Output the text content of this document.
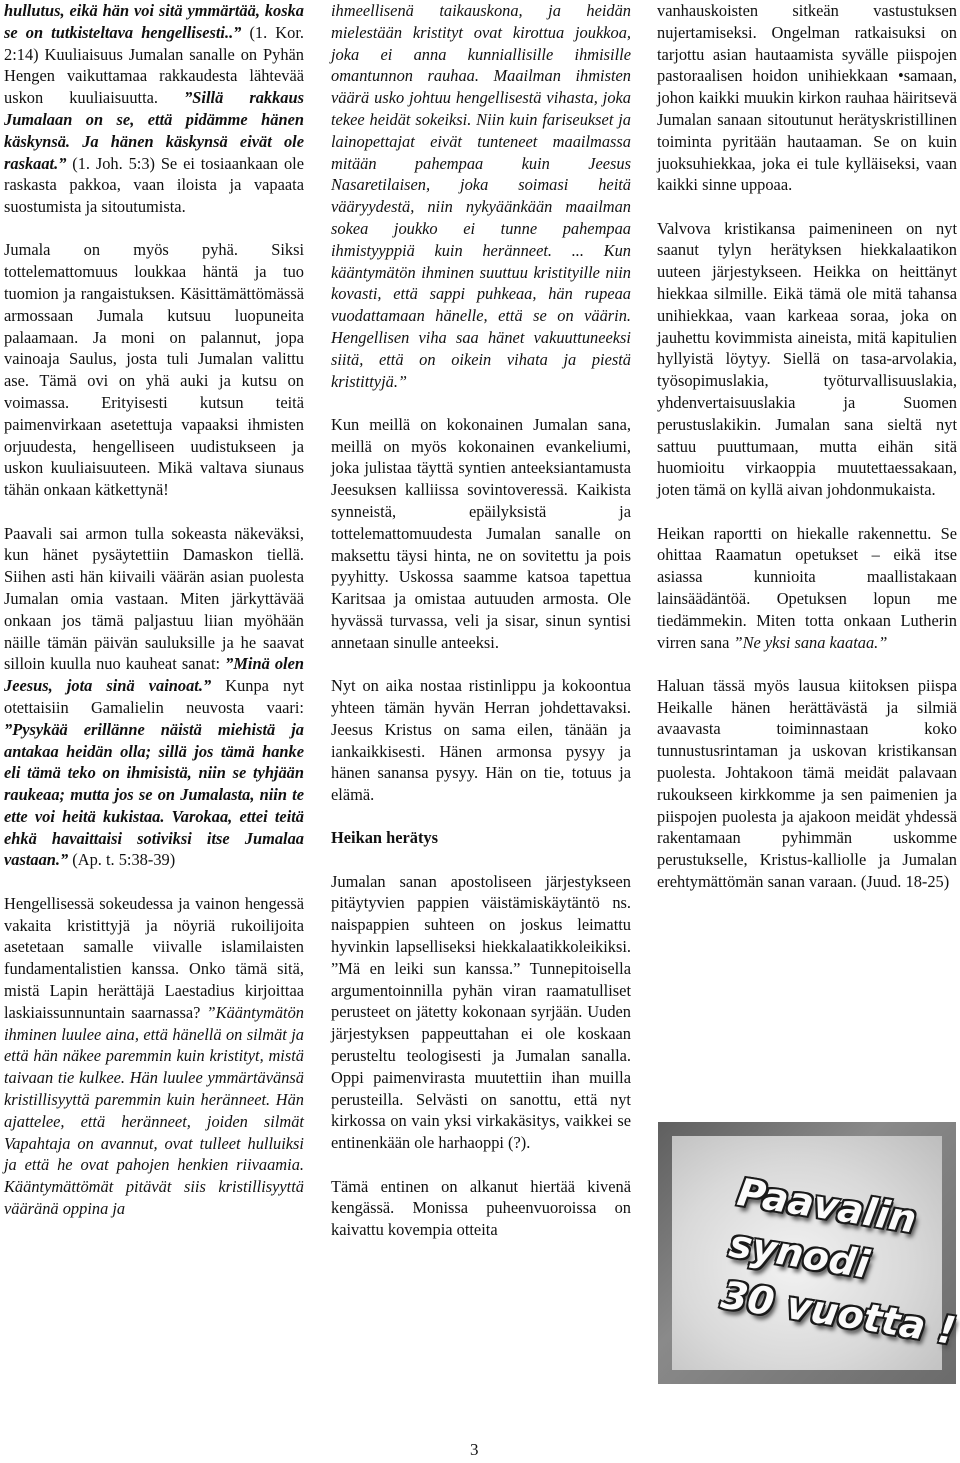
hullutus, eikä hän voi sitä ymmärtää, koska se on tutkisteltava hengellisesti..” (1. Kor. 2:14) Kuuliaisuus Jumalan sanalle on Pyhän Hengen vaikuttamaa rakkaudesta lähtevää uskon kuuliaisuutta. ”Sillä rakkaus Jumalaan on se, että pidämme hänen käskynsä. Ja hänen käskynsä eivät ole raskaat.” (1. Joh. 5:3) Se ei tosiaankaan ole raskasta pakkoa, vaan iloista ja vapaata suostumista ja sitoutumista.

Jumala on myös pyhä. Siksi tottelemattomuus loukkaa häntä ja tuo tuomion ja rangaistuksen. Käsittämättömässä armossaan Jumala kutsuu luopuneita palaamaan. Ja moni on palannut, jopa vainoaja Saulus, josta tuli Jumalan valittu ase. Tämä ovi on yhä auki ja kutsu on voimassa. Erityisesti kutsun teitä paimenvirkaan asetettuja vapaaksi ihmisten orjuudesta, hengelliseen uudistukseen ja uskon kuuliaisuuteen. Mikä valtava siunaus tähän onkaan kätkettynä!

Paavali sai armon tulla sokeasta näkeväksi, kun hänet pysäytettiin Damaskon tiellä. Siihen asti hän kiivaili väärän asian puolesta Jumalan omia vastaan. Miten järkyttävää onkaan jos tämä paljastuu liian myöhään näille tämän päivän sauluksille ja he saavat silloin kuulla nuo kauheat sanat: ”Minä olen Jeesus, jota sinä vainoat.” Kunpa nyt otettaisiin Gamalielin neuvosta vaari: ”Pysykää erillänne näistä miehistä ja antakaa heidän olla; sillä jos tämä hanke eli tämä teko on ihmisistä, niin se tyhjään raukeaa; mutta jos se on Jumalasta, niin te ette voi heitä kukistaa. Varokaa, ettei teitä ehkä havaittaisi sotiviksi itse Jumalaa vastaan.” (Ap. t. 5:38-39)

Hengellisessä sokeudessa ja vainon hengessä vakaita kristittyjä ja nöyriä rukoilijoita asetetaan samalle viivalle islamilaisten fundamentalistien kanssa. Onko tämä sitä, mistä Lapin herättäjä Laestadius kirjoittaa laskiaissunnuntain saarnassa? ”Kääntymätön ihminen luulee aina, että hänellä on silmät ja että hän näkee paremmin kuin kristityt, mistä taivaan tie kulkee. Hän luulee ymmärtävänsä kristillisyyttä paremmin kuin heränneet. Hän ajattelee, että heränneet, joiden silmät Vapahtaja on avannut, ovat tulleet hulluiksi ja että he ovat pahojen henkien riivaamia. Kääntymättömät pitävät siis kristillisyyttä vääränä oppina ja

ihmeellisenä taikauskona, ja heidän mielestään kristityt ovat kirottua joukkoa, joka ei anna kunniallisille ihmisille omantunnon rauhaa. Maailman ihmisten väärä usko johtuu hengellisestä vihasta, joka tekee heidät sokeiksi. Niin kuin fariseukset ja lainopettajat eivät tunteneet maailmassa mitään pahempaa kuin Jeesus Nasaretilaisen, joka soimasi heitä vääryydestä, niin nykyäänkään maailman sokea joukko ei tunne pahempaa ihmistyyppiä kuin heränneet. ... Kun kääntymätön ihminen suuttuu kristityille niin kovasti, että sappi puhkeaa, hän rupeaa vuodattamaan hänelle, että se on väärin. Hengellisen viha saa hänet vakuuttuneeksi siitä, että on oikein vihata ja piestä kristittyjä.”

Kun meillä on kokonainen Jumalan sana, meillä on myös kokonainen evankeliumi, joka julistaa täyttä syntien anteeksiantamusta Jeesuksen kalliissa sovintoveressä. Kaikista synneistä, epäilyksistä ja tottelemattomuudesta Jumalan sanalle on maksettu täysi hinta, ne on sovitettu ja pois pyyhitty. Uskossa saamme katsoa tapettua Karitsaa ja omistaa autuuden armosta. Ole hyvässä turvassa, veli ja sisar, sinun syntisi annetaan sinulle anteeksi.

Nyt on aika nostaa ristinlippu ja kokoontua yhteen tämän hyvän Herran johdettavaksi. Jeesus Kristus on sama eilen, tänään ja iankaikkisesti. Hänen armonsa pysyy ja hänen sanansa pysyy. Hän on tie, totuus ja elämä.

Heikan herätys

Jumalan sanan apostoliseen järjestykseen pitäytyvien pappien väistämiskäytäntö ns. naispappien suhteen on joskus leimattu hyvinkin lapselliseksi hiekkalaatikkoleikiksi. ”Mä en leiki sun kanssa.” Tunnepitoisella argumentoinnilla pyhän viran raamatulliset perusteet on jätetty kokonaan syrjään. Uuden järjestyksen pappeuttahan ei ole koskaan perusteltu teologisesti ja Jumalan sanalla. Oppi paimenvirasta muutettiin ihan muilla perusteilla. Selvästi on sanottu, että nyt kirkossa on vain yksi virkakäsitys, vaikkei se entinenkään ole harhaoppi (?).

Tämä entinen on alkanut hiertää kivenä kengässä. Monissa puheenvuoroissa on kaivattu kovempia otteita

vanhauskoisten sitkeän vastustuksen nujertamiseksi. Ongelman ratkaisuksi on tarjottu asian hautaamista syvälle piispojen pastoraalisen hoidon unihiekkaan •samaan, johon kaikki muukin kirkon rauhaa häiritsevä Jumalan sanaan sitoutunut herätyskristillinen toiminta pyritään hautaaman. Se on kuin juoksuhiekkaa, joka ei tule kylläiseksi, vaan kaikki sinne uppoaa.

Valvova kristikansa paimenineen on nyt saanut tylyn herätyksen hiekkalaatikon uuteen järjestykseen. Heikka on heittänyt hiekkaa silmille. Eikä tämä ole mitä tahansa unihiekkaa, vaan karkeaa soraa, joka on jauhettu kovimmista aineista, mitä kapitulien hyllyistä löytyy. Siellä on tasa-arvolakia, työsopimuslakia, työturvallisuuslakia, yhdenvertaisuuslakia ja Suomen perustuslakikin. Jumalan sana sieltä nyt sattuu puuttumaan, mutta eihän sitä huomioitu virkaoppia muutettaessakaan, joten tämä on kyllä aivan johdonmukaista.

Heikan raportti on hiekalle rakennettu. Se ohittaa Raamatun opetukset – eikä itse asiassa kunnioita maallistakaan lainsäädäntöä. Opetuksen lopun me tiedämmekin. Miten totta onkaan Lutherin virren sana ”Ne yksi sana kaataa.”

Haluan tässä myös lausua kiitoksen piispa Heikalle hänen herättävästä ja silmiä avaavasta toiminnastaan koko tunnustusrintaman ja uskovan kristikansan puolesta. Johtakoon tämä meidät palavaan rukoukseen kirkkomme ja sen paimenien ja piispojen puolesta ja ajakoon meidät yhdessä rakentamaan pyhimmän uskomme perustukselle, Kristus-kalliolle ja Jumalan erehtymättömän sanan varaan. (Juud. 18-25)

Paavalin
synodi
30 vuotta !
3
